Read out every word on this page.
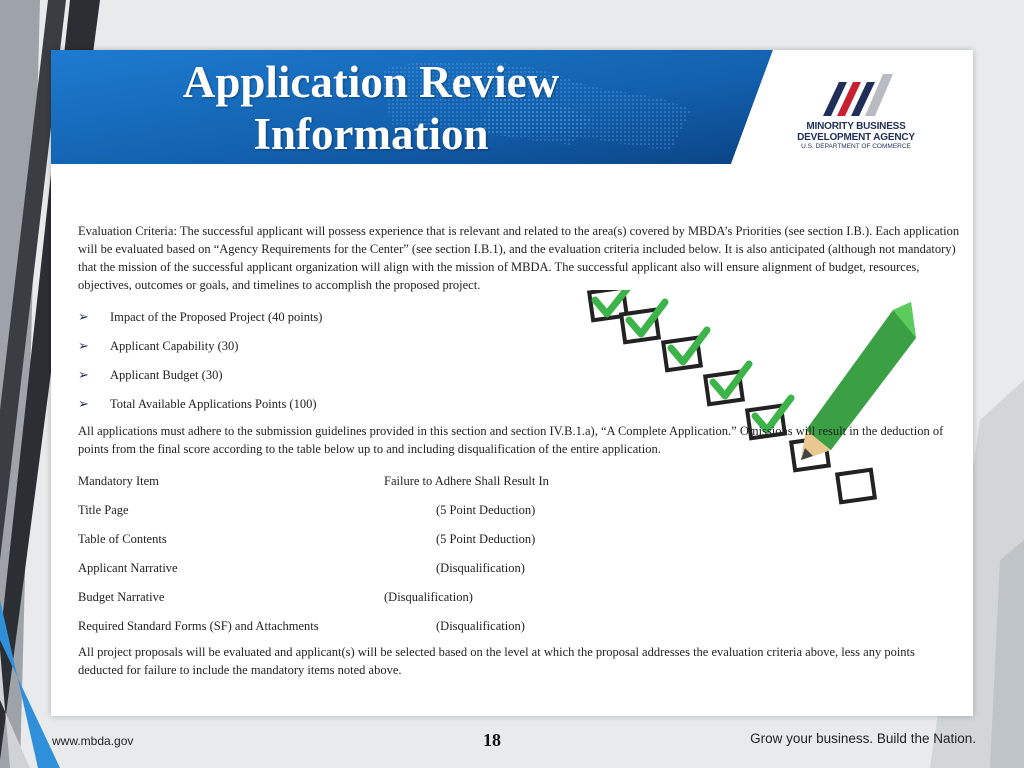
Application Review
Information	MINORITY BUSINESS
DEVELOPMENT AGENCY
U.S. DEPARTMENT OF COMMERCE

Evaluation Criteria: The successful applicant will possess experience that is relevant and related to the area(s) covered by MBDA’s Priorities (see section I.B.). Each application will be evaluated based on “Agency Requirements for the Center” (see section I.B.1), and the evaluation criteria included below. It is also anticipated (although not mandatory) that the mission of the successful applicant organization will align with the mission of MBDA. The successful applicant also will ensure alignment of budget, resources, objectives, outcomes or goals, and timelines to accomplish the proposed project.

➢	Impact of the Proposed Project (40 points)
➢	Applicant Capability (30)
➢	Applicant Budget (30)
➢	Total Available Applications Points (100)

All applications must adhere to the submission guidelines provided in this section and section IV.B.1.a), “A Complete Application.” Omissions will result in the deduction of points from the final score according to the table below up to and including disqualification of the entire application.

Mandatory Item	Failure to Adhere Shall Result In
Title Page	(5 Point Deduction)
Table of Contents	(5 Point Deduction)
Applicant Narrative	(Disqualification)
Budget Narrative	(Disqualification)
Required Standard Forms (SF) and Attachments	(Disqualification)

All project proposals will be evaluated and applicant(s) will be selected based on the level at which the proposal addresses the evaluation criteria above, less any points deducted for failure to include the mandatory items noted above.

www.mbda.gov	18	Grow your business. Build the Nation.
